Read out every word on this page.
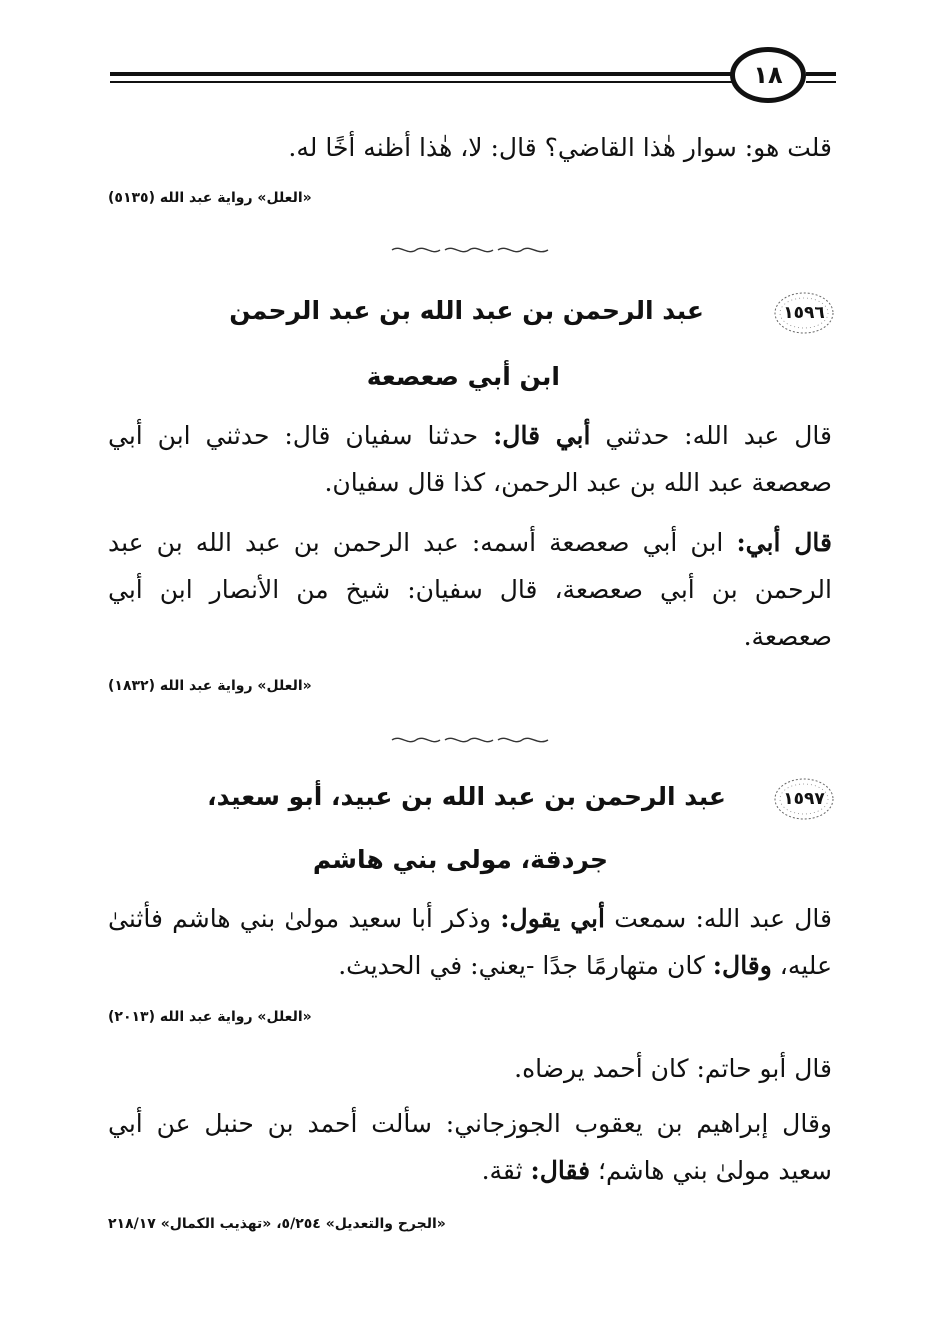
١٨
قلت هو: سوار هٰذا القاضي؟ قال: لا، هٰذا أظنه أخًا له.
«العلل» رواية عبد الله (٥١٣٥)
١٥٩٦
عبد الرحمن بن عبد الله بن عبد الرحمن
ابن أبي صعصعة
قال عبد الله: حدثني أبي قال: حدثنا سفيان قال: حدثني ابن أبي صعصعة عبد الله بن عبد الرحمن، كذا قال سفيان.
قال أبي: ابن أبي صعصعة أسمه: عبد الرحمن بن عبد الله بن عبد الرحمن بن أبي صعصعة، قال سفيان: شيخ من الأنصار ابن أبي صعصعة.
«العلل» رواية عبد الله (١٨٣٢)
١٥٩٧
عبد الرحمن بن عبد الله بن عبيد، أبو سعيد،
جردقة، مولى بني هاشم
قال عبد الله: سمعت أبي يقول: وذكر أبا سعيد مولىٰ بني هاشم فأثنىٰ عليه، وقال: كان متهارمًا جدًا -يعني: في الحديث.
«العلل» رواية عبد الله (٢٠١٣)
قال أبو حاتم: كان أحمد يرضاه.
وقال إبراهيم بن يعقوب الجوزجاني: سألت أحمد بن حنبل عن أبي سعيد مولىٰ بني هاشم؛ فقال: ثقة.
«الجرح والتعديل» ٥/٢٥٤، «تهذيب الكمال» ٢١٨/١٧
